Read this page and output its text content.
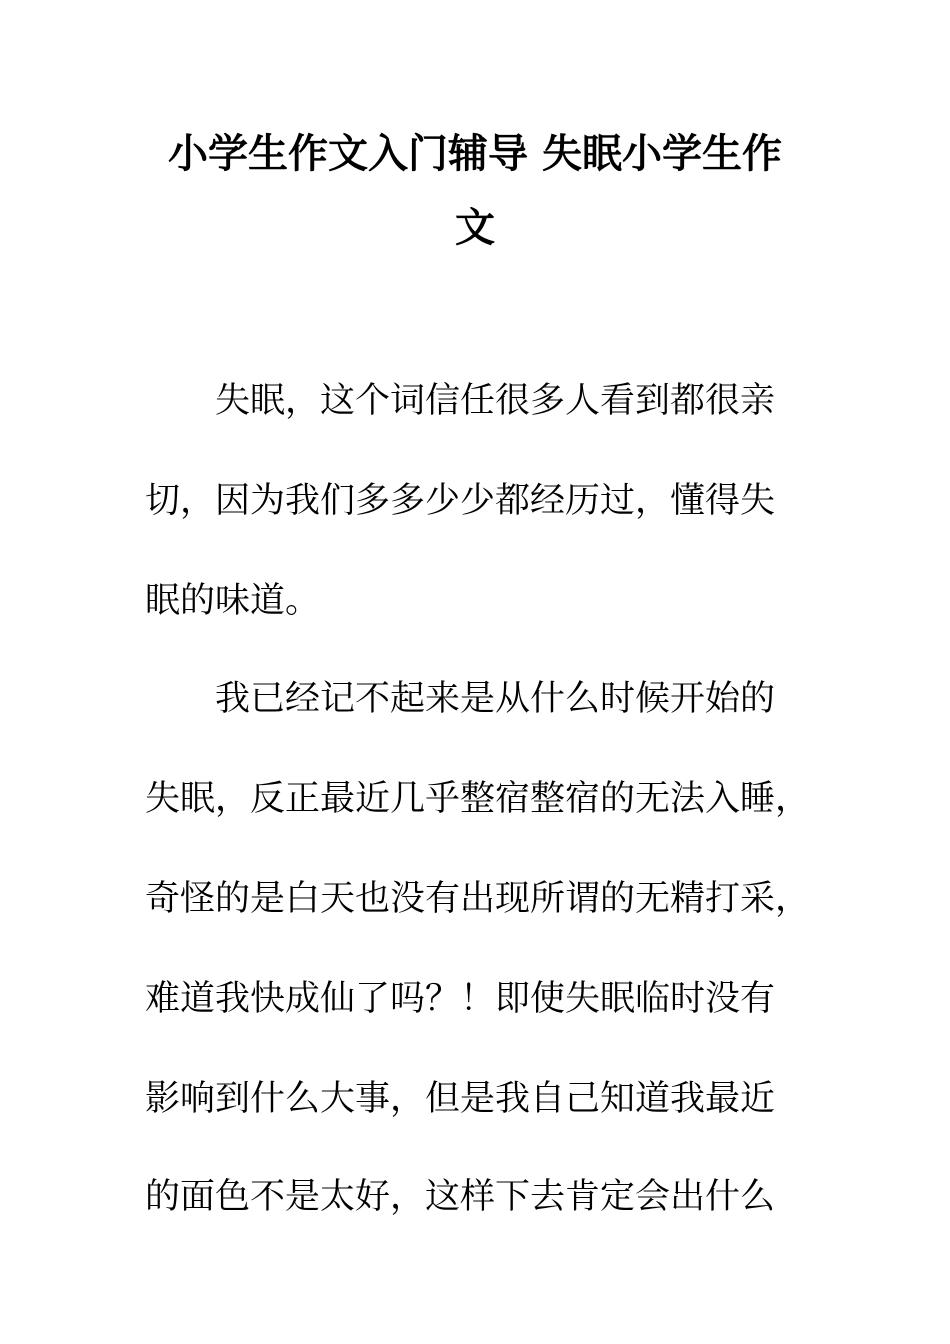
小学生作文入门辅导 失眠小学生作
文

失眠，这个词信任很多人看到都很亲

切，因为我们多多少少都经历过，懂得失

眠的味道。

我已经记不起来是从什么时候开始的

失眠，反正最近几乎整宿整宿的无法入睡，

奇怪的是白天也没有出现所谓的无精打采，

难道我快成仙了吗？！即使失眠临时没有

影响到什么大事，但是我自己知道我最近

的面色不是太好，这样下去肯定会出什么
